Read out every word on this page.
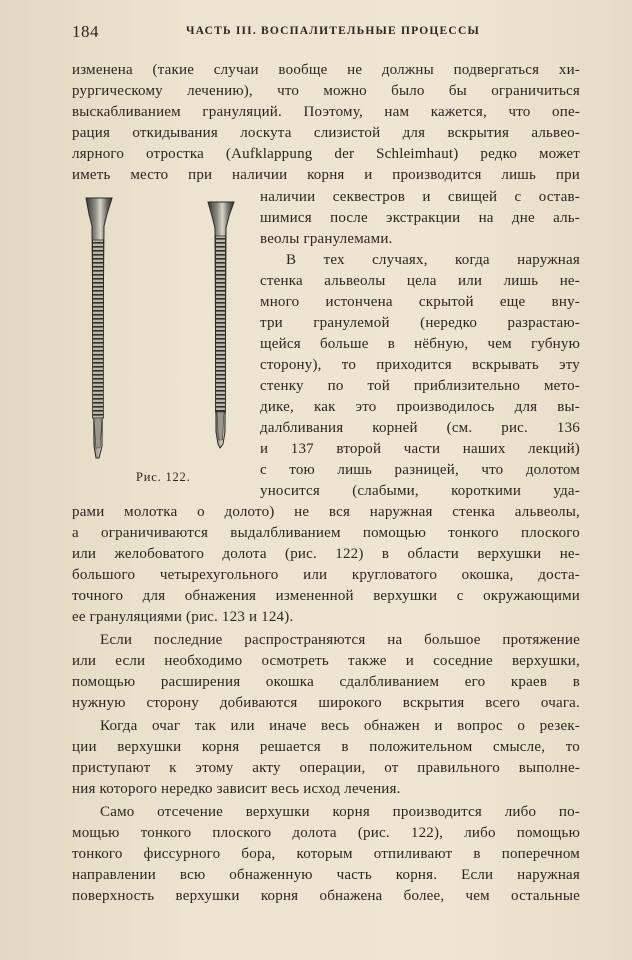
184	ЧАСТЬ III. ВОСПАЛИТЕЛЬНЫЕ ПРОЦЕССЫ
изменена (такие случаи вообще не должны подвергаться хи-
рургическому лечению), что можно было бы ограничиться
выскабливанием грануляций. Поэтому, нам кажется, что опе-
рация откидывания лоскута слизистой для вскрытия альвео-
лярного отростка (Aufklappung der Schleimhaut) редко может
иметь место при наличии корня и производится лишь при
Рис. 122.
наличии секвестров и свищей с остав-
шимися после экстракции на дне аль-
веолы гранулемами.
В тех случаях, когда наружная
стенка альвеолы цела или лишь не-
много истончена скрытой еще вну-
три гранулемой (нередко разрастаю-
щейся больше в нёбную, чем губную
сторону), то приходится вскрывать эту
стенку по той приблизительно мето-
дике, как это производилось для вы-
далбливания корней (см. рис. 136
и 137 второй части наших лекций)
с тою лишь разницей, что долотом
уносится (слабыми, короткими уда-
рами молотка о долото) не вся наружная стенка альвеолы,
а ограничиваются выдалбливанием помощью тонкого плоского
или желобоватого долота (рис. 122) в области верхушки не-
большого четырехугольного или кругловатого окошка, доста-
точного для обнажения измененной верхушки с окружающими
ее грануляциями (рис. 123 и 124).
Если последние распространяются на большое протяжение
или если необходимо осмотреть также и соседние верхушки,
помощью расширения окошка сдалбливанием его краев в
нужную сторону добиваются широкого вскрытия всего очага.
Когда очаг так или иначе весь обнажен и вопрос о резек-
ции верхушки корня решается в положительном смысле, то
приступают к этому акту операции, от правильного выполне-
ния которого нередко зависит весь исход лечения.
Само отсечение верхушки корня производится либо по-
мощью тонкого плоского долота (рис. 122), либо помощью
тонкого фиссурного бора, которым отпиливают в поперечном
направлении всю обнаженную часть корня. Если наружная
поверхность верхушки корня обнажена более, чем остальные
